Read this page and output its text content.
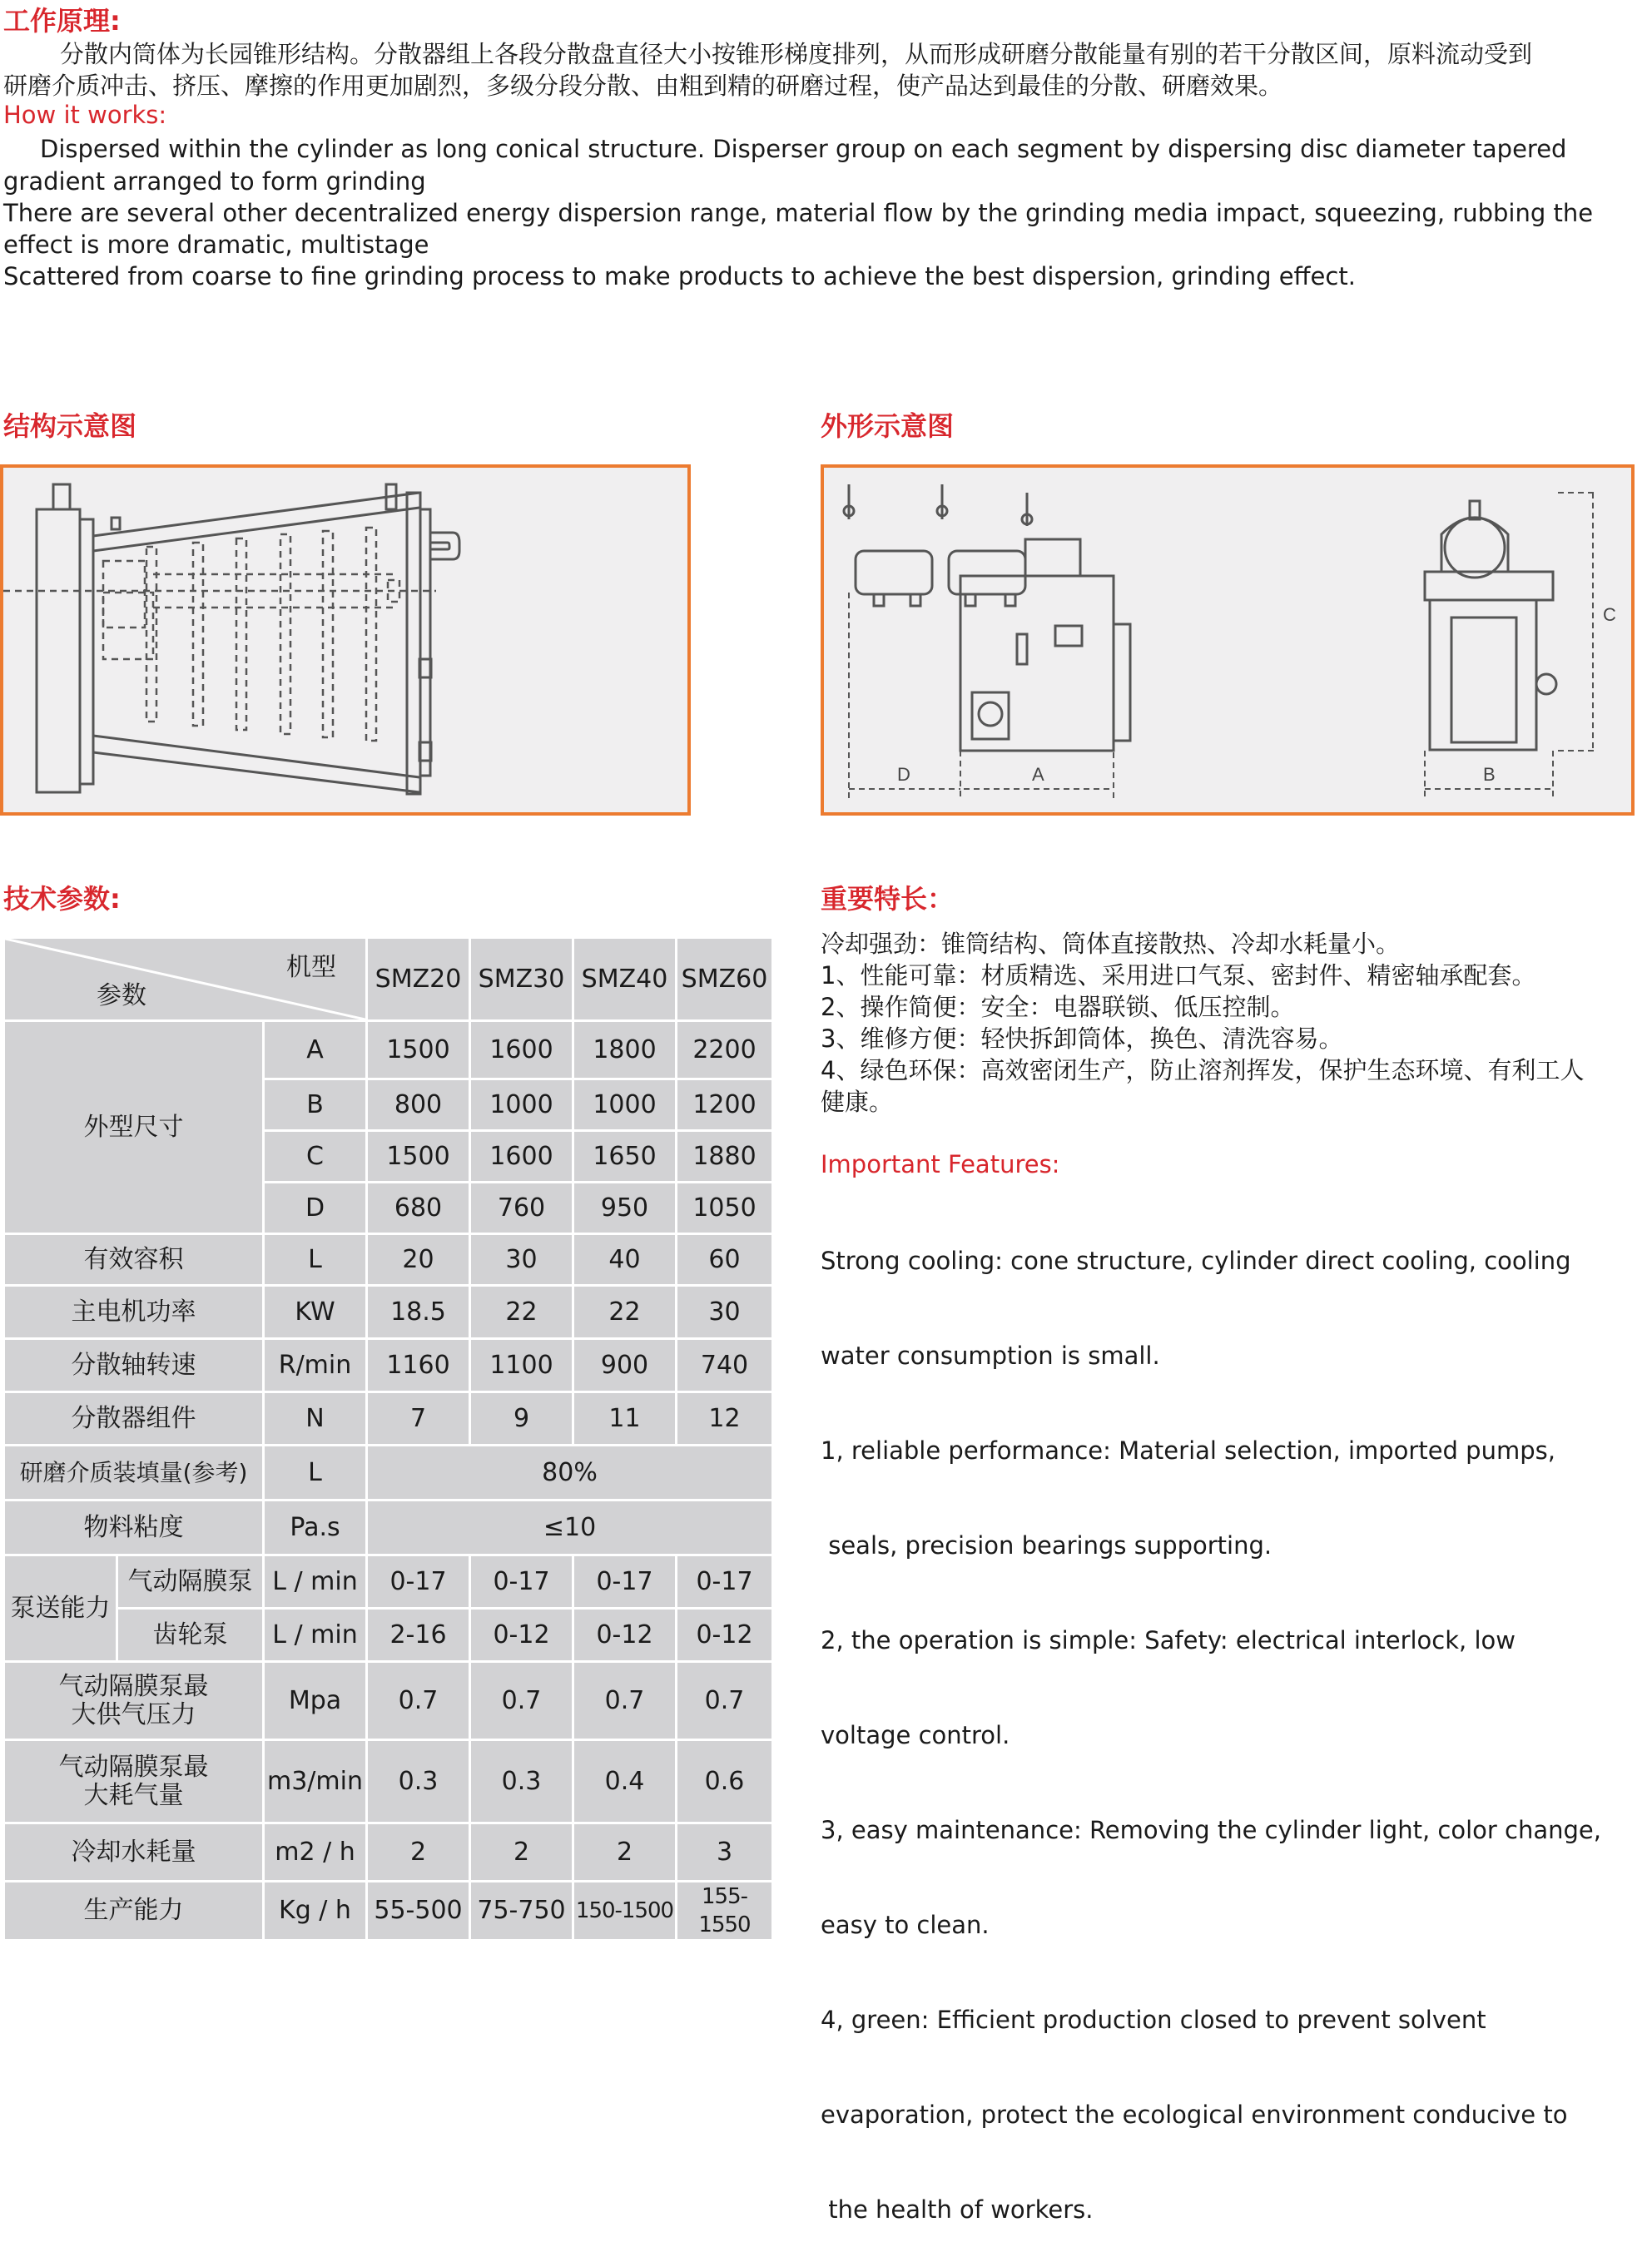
工作原理:
分散内筒体为长园锥形结构。分散器组上各段分散盘直径大小按锥形梯度排列，从而形成研磨分散能量有别的若干分散区间，原料流动受到
研磨介质冲击、挤压、摩擦的作用更加剧烈，多级分段分散、由粗到精的研磨过程，使产品达到最佳的分散、研磨效果。
How it works:
Dispersed within the cylinder as long conical structure. Disperser group on each segment by dispersing disc diameter tapered
gradient arranged to form grinding
There are several other decentralized energy dispersion range, material flow by the grinding media impact, squeezing, rubbing the
effect is more dramatic, multistage
Scattered from coarse to fine grinding process to make products to achieve the best dispersion, grinding effect.
结构示意图	外形示意图
D	A	B
C
技术参数:
机型
参数			SMZ20	SMZ30	SMZ40	SMZ60
外型尺寸		A	1500	1600	1800	2200
		B	800	1000	1000	1200
		C	1500	1600	1650	1880
		D	680	760	950	1050
有效容积		L	20	30	40	60
主电机功率		KW	18.5	22	22	30
分散轴转速		R/min	1160	1100	900	740
分散器组件		N	7	9	11	12
研磨介质装填量(参考)		L	80%			
物料粘度		Pa.s	≤10			
泵送能力	气动隔膜泵	L / min	0-17	0-17	0-17	0-17
	齿轮泵	L / min	2-16	0-12	0-12	0-12

气动隔膜泵最
大供气压力		Mpa	0.7	0.7	0.7	0.7

气动隔膜泵最
大耗气量		m3/min	0.3	0.3	0.4	0.6
冷却水耗量		m2 / h	2	2	2	3
生产能力		Kg / h	55-500	75-750	150-1500	155-1550
重要特长：
冷却强劲：锥筒结构、筒体直接散热、冷却水耗量小。
1、性能可靠：材质精选、采用进口气泵、密封件、精密轴承配套。
2、操作简便：安全：电器联锁、低压控制。
3、维修方便：轻快拆卸筒体，换色、清洗容易。
4、绿色环保：高效密闭生产，防止溶剂挥发，保护生态环境、有利工人
健康。
Important Features:

Strong cooling: cone structure, cylinder direct cooling, cooling

water consumption is small.

1, reliable performance: Material selection, imported pumps,

seals, precision bearings supporting.

2, the operation is simple: Safety: electrical interlock, low

voltage control.

3, easy maintenance: Removing the cylinder light, color change,

easy to clean.

4, green: Efficient production closed to prevent solvent

evaporation, protect the ecological environment conducive to

the health of workers.
